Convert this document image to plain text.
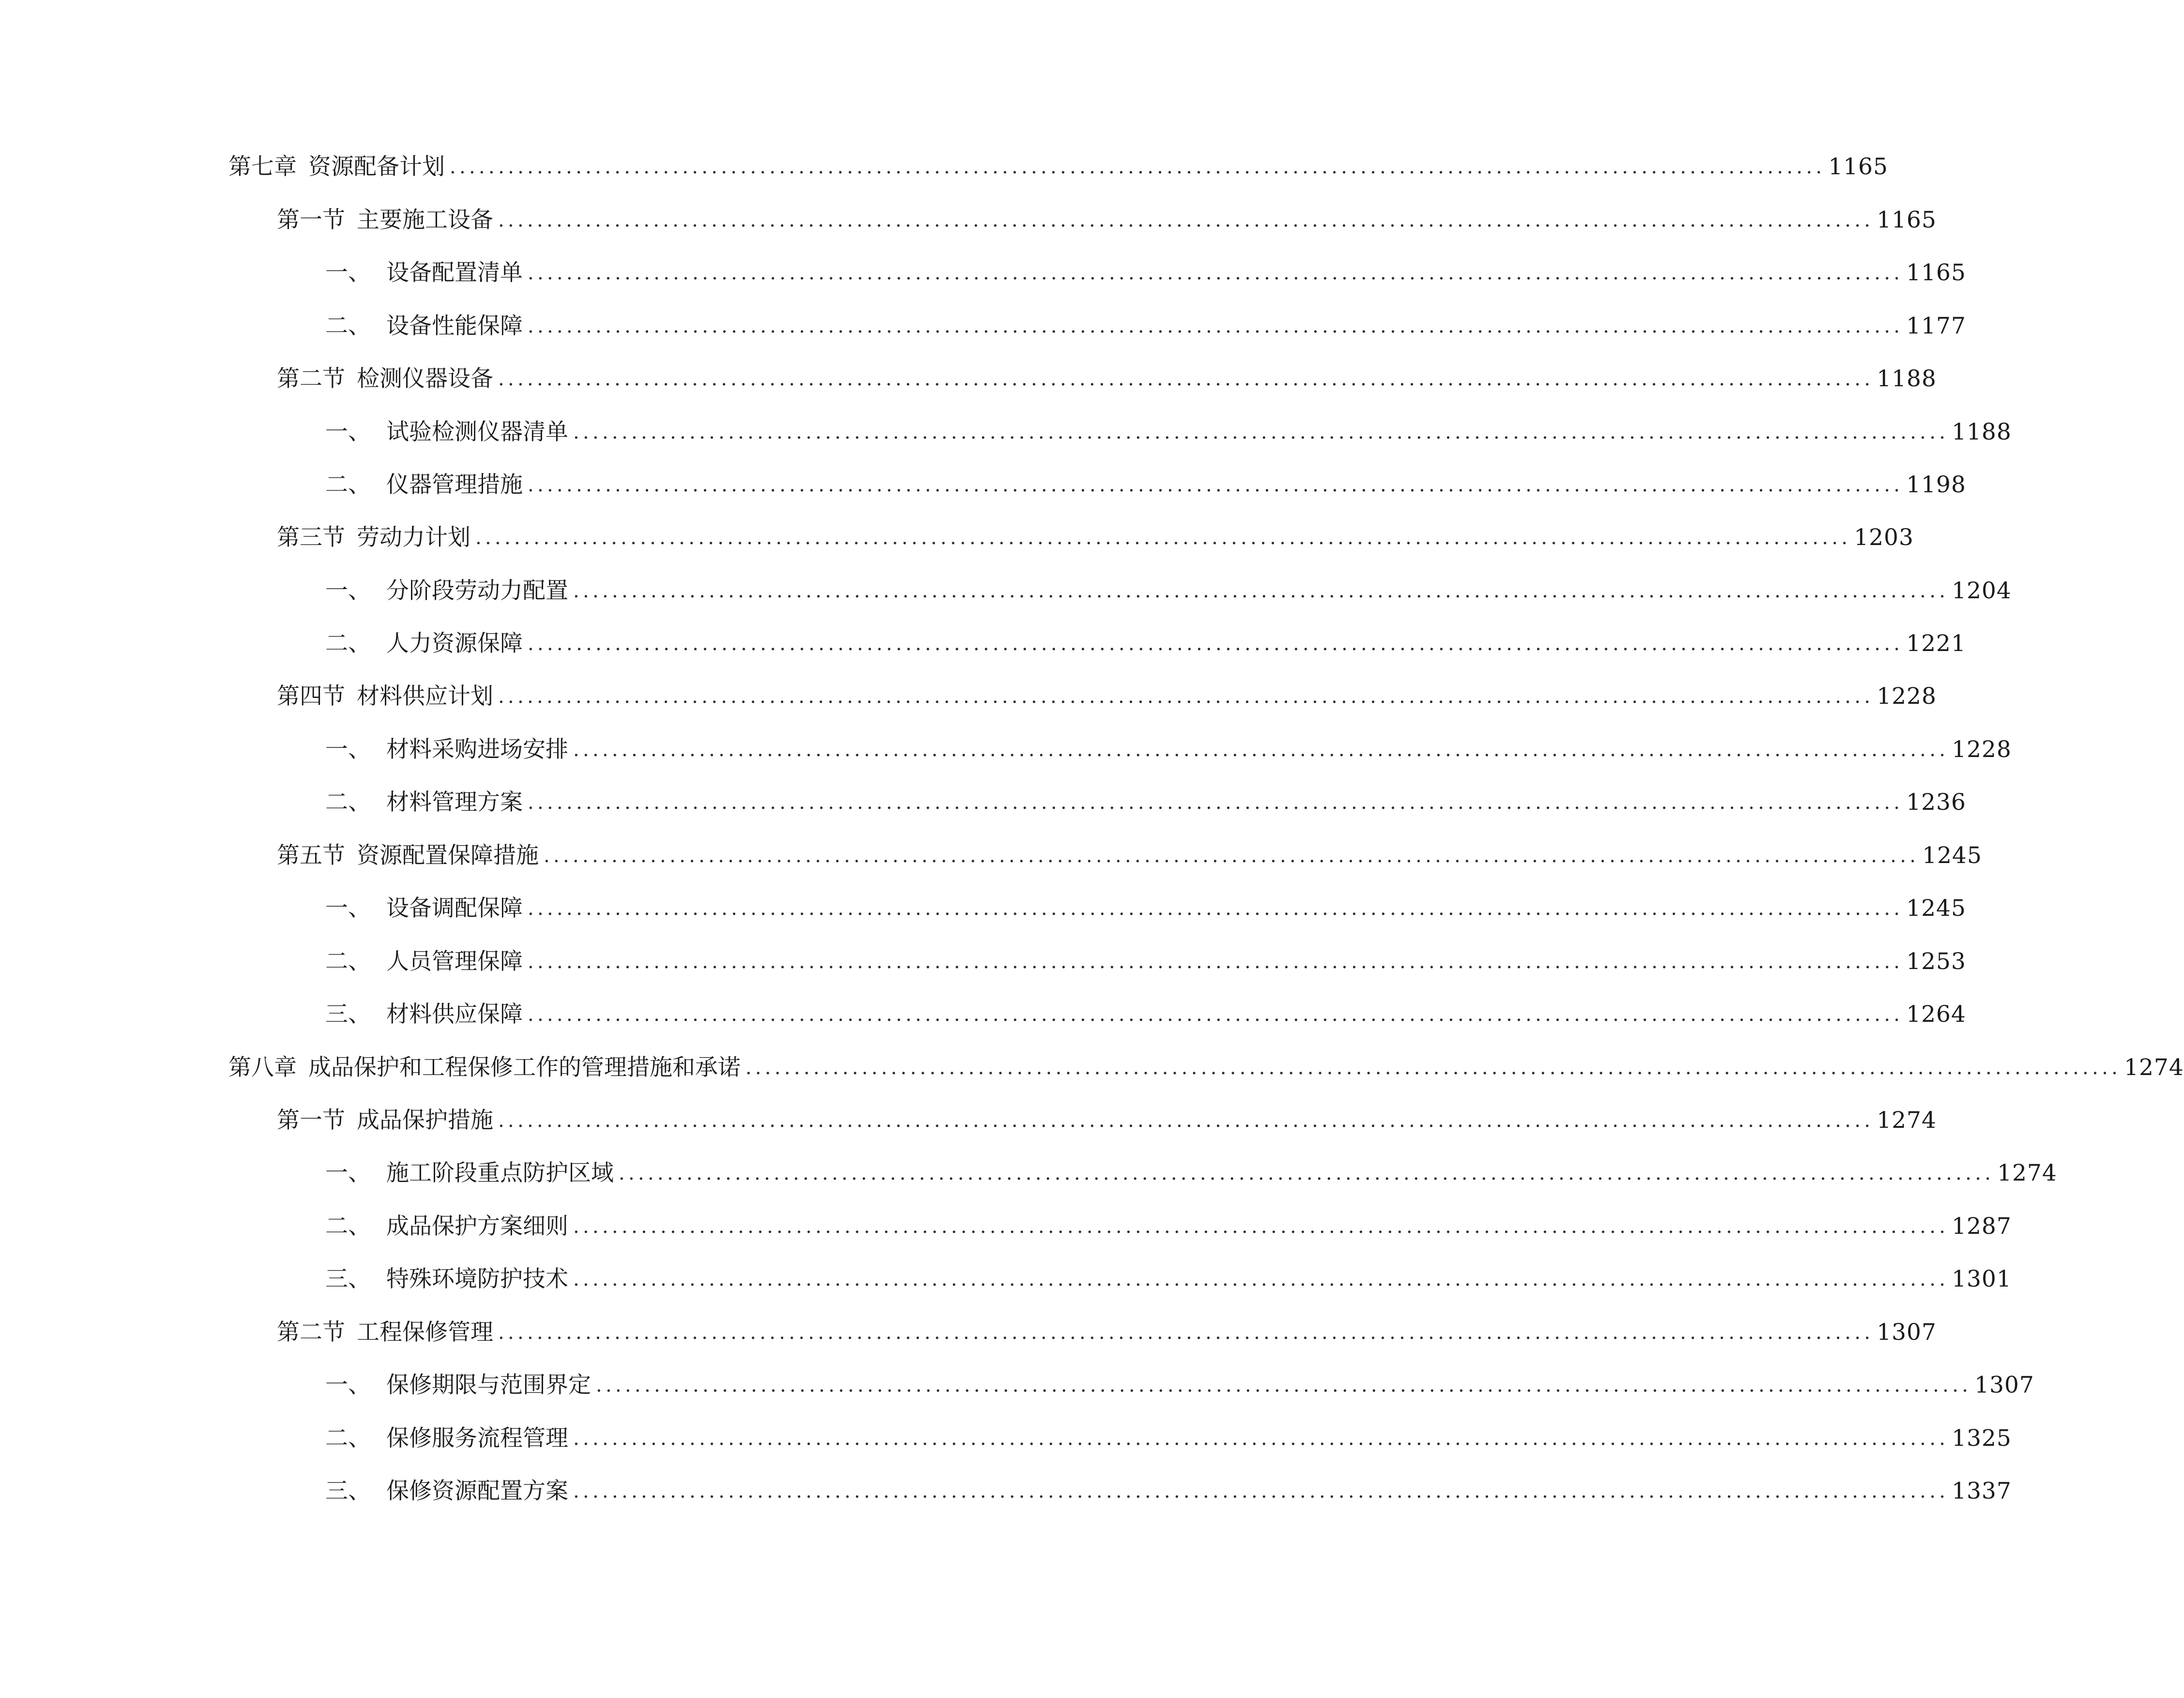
第七章 资源配备计划 .............................................................................................................................................. 1165
第一节 主要施工设备 .............................................................................................................................................. 1165
一、 设备配置清单 .............................................................................................................................................. 1165
二、 设备性能保障 .............................................................................................................................................. 1177
第二节 检测仪器设备 .............................................................................................................................................. 1188
一、 试验检测仪器清单 .............................................................................................................................................. 1188
二、 仪器管理措施 .............................................................................................................................................. 1198
第三节 劳动力计划 .............................................................................................................................................. 1203
一、 分阶段劳动力配置 .............................................................................................................................................. 1204
二、 人力资源保障 .............................................................................................................................................. 1221
第四节 材料供应计划 .............................................................................................................................................. 1228
一、 材料采购进场安排 .............................................................................................................................................. 1228
二、 材料管理方案 .............................................................................................................................................. 1236
第五节 资源配置保障措施 .............................................................................................................................................. 1245
一、 设备调配保障 .............................................................................................................................................. 1245
二、 人员管理保障 .............................................................................................................................................. 1253
三、 材料供应保障 .............................................................................................................................................. 1264
第八章 成品保护和工程保修工作的管理措施和承诺 .............................................................................................................................................. 1274
第一节 成品保护措施 .............................................................................................................................................. 1274
一、 施工阶段重点防护区域 .............................................................................................................................................. 1274
二、 成品保护方案细则 .............................................................................................................................................. 1287
三、 特殊环境防护技术 .............................................................................................................................................. 1301
第二节 工程保修管理 .............................................................................................................................................. 1307
一、 保修期限与范围界定 .............................................................................................................................................. 1307
二、 保修服务流程管理 .............................................................................................................................................. 1325
三、 保修资源配置方案 .............................................................................................................................................. 1337
